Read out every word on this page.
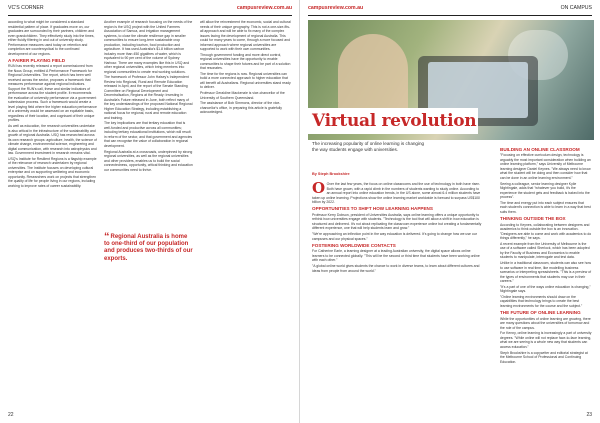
VC'S CORNER	campusreview.com.au

according to what might be considered a standard residential pattern of place. If graduates move on, our graduates are surrounded by their partners, children and even grandchildren. They effectively study into the times, either fluidly filtering in and out of university study. Performance measures used today on retention and completion are countercyclical to the continued development of our regions.

A FAIRER PLAYING FIELD

RUN has recently released a report commissioned from the Nous Group, entitled A Performance Framework for Regional Universities. The report, which has been well received across the sector, proposes a framework that measures performance against regional indicators. Support the RUN's call, these and similar indicators of performance across the student profile. It recommends the evaluation of university performance via a government submission process. Such a framework would create a level playing field where the higher education performance of a university would be assessed on an equitable basis, regardless of their location, and cognisant of their unique profiles.

As well as education, the research universities undertake is also critical in the infrastructure of the sustainability and growth of regional Australia. USQ has researched across its own research groups: agriculture, health, the science of climate change, environmental science, engineering and digital communication, with research into astrophysics and law. Government investment in research remains vital.

USQ's Institute for Resilient Regions is a flagship example of the relevance of research undertaken by regional universities. The Institute focuses on developing cultural enterprise and on supporting wellbeing and economic opportunity. Researchers work on projects that strengthen the quality of life for people living in our regions, including working to improve rates of career sustainability.

Another example of research focusing on the needs of the region is the USQ project with the United Farmers Association of Samoa, and irrigation management systems, to close the climate resilience gap in smaller communities to ensure long-term sustainable crop production, including tourism, food production and agriculture. It has used Australia's $1.8 billion carbon industry more than 450 gigalitres of water, which is equivalent to 90 per cent of the volume of Sydney Harbour. There are many examples like this in USQ and other regional universities, which bring members into regional communities to create real working solutions.

The framework of Professor John Halsey's Independent Review into Regional, Rural and Remote Education released in April, and the report of the Senate Standing Committee on Regional Development and Decentralisation, Regions at the Ready: Investing in Australia's Future released in June, both reflect many of the key understandings of the proposed National Regional Higher Education Strategy, including establishing a national focus for regional, rural and remote education and training.

The key implications are that tertiary education that is well-funded and productive across all communities; including tertiary educational institutions, which will result in reform of the sector, and that government and agencies that can recognise the value of collaboration in regional development.

Regional Australia at a crossroads, underpinned by strong regional universities, as well as the regional universities and other providers, enables us to build the social connectedness, opportunity, critical thinking and education our communities need to thrive.

“Regional Australia is home to one-third of our population and produces two-thirds of our exports.

will allow the reinvestment the economic, social and cultural needs of their unique geography. This is not a one-size-fits-all approach and will be able to fix many of the complex issues facing the development of regional Australia. This could for many years to come, through a more focused and informed approach where regional universities are supported to work with their own communities.

Through government funding and more direct control, regional universities have the opportunity to enable communities to shape their futures and be part of a solution that resonates.

The time for the regions is now. Regional universities can build a more connected approach to higher education that will benefit all Australians. Regional universities stand ready to deliver.

Professor Geraldine Mackenzie is vice-chancellor of the University of Southern Queensland.

The assistance of Bob Simmons, director of the vice-chancellor's office, in preparing this article is gratefully acknowledged.

22
campusreview.com.au	ON CAMPUS
Virtual revolution
The increasing popularity of online learning is changing the way students engage with universities.
By Steph Brookshire

O Over the last few years, the focus on online classrooms and the use of technology in both have risen. Both have grown, with a rapid climb in the numbers of students wanting to study online. According to an annual report into online education trends, in the US alone, some almost 6.4 million students have taken up online learning. Projections show the online learning market worldwide is forecast to surpass US$100 billion by 2022.

OPPORTUNITIES TO SHIFT HOW LEARNING HAPPENS

Professor Kerry Dobson, president of Universities Australia, says online learning offers a unique opportunity to rethink how universities engage with students. "Technology is the tool that will allow a shift in how education is structured and delivered. It's not about replicating the classroom experience online but creating a fundamentally different experience, one that will help students learn and grow."

"We're approaching an inflection point in the way education is delivered. It's going to change how we use our campuses and our physical spaces."

FOSTERING WORLDWIDE CONTACTS

For Catherine Earle, a learning designer at a leading Australian university, the digital space allows online learners to be connected globally. "This will be the second or third time that students have been working online with each other."

"A global online world gives students the chance to work in diverse teams, to learn about different cultures and ideas from people from around the world."

BUILDING AN ONLINE CLASSROOM

"Focusing on effective curriculum design, technology is arguably the most important consideration when building an online learning platform," says University of Melbourne learning designer Daniel Keynes. "We always need to know what the student will be doing and then consider how that can be done in an online learning environment."

Seeing a colleague, senior learning designer Kylie Nightingale, adds that "whatever you build, it's the experience the student gets and feedback is baked into the process".

The time and energy put into each subject ensures that each student's connection is able to learn in a way that best suits them.

THINKING OUTSIDE THE BOX

According to Keynes, collaborating between designers and academics to think outside the box is an innovation. "Designers are able to come and work with academics to do things differently," he says.

A recent example from the University of Melbourne is the use of a software called Sherlock, which has been adopted by the Faculty of Business and Economics to enable students to manipulate, interrogate and test data.

Unlike in a traditional classroom, students can also see how to use software in real time, like modelling business scenarios or interpreting spreadsheets. "This is a preview of the types of environments that students may use in their careers."

"It's a part of one of the ways online education is changing," Nightingale says.

"Online learning environments should draw on the capabilities that technology brings to create the best learning environments for the course and the subject."

THE FUTURE OF ONLINE LEARNING

While the opportunities of online learning are growing, there are many questions about the universities of tomorrow and the role of the campus.

For Kenny, online learning is increasingly a part of university degrees. "While online will not replace face-to-face learning, what we are seeing is a whole new way that students can access education."

Steph Brookshire is a copywriter and editorial strategist at the Melbourne School of Professional and Continuing Education.

23
